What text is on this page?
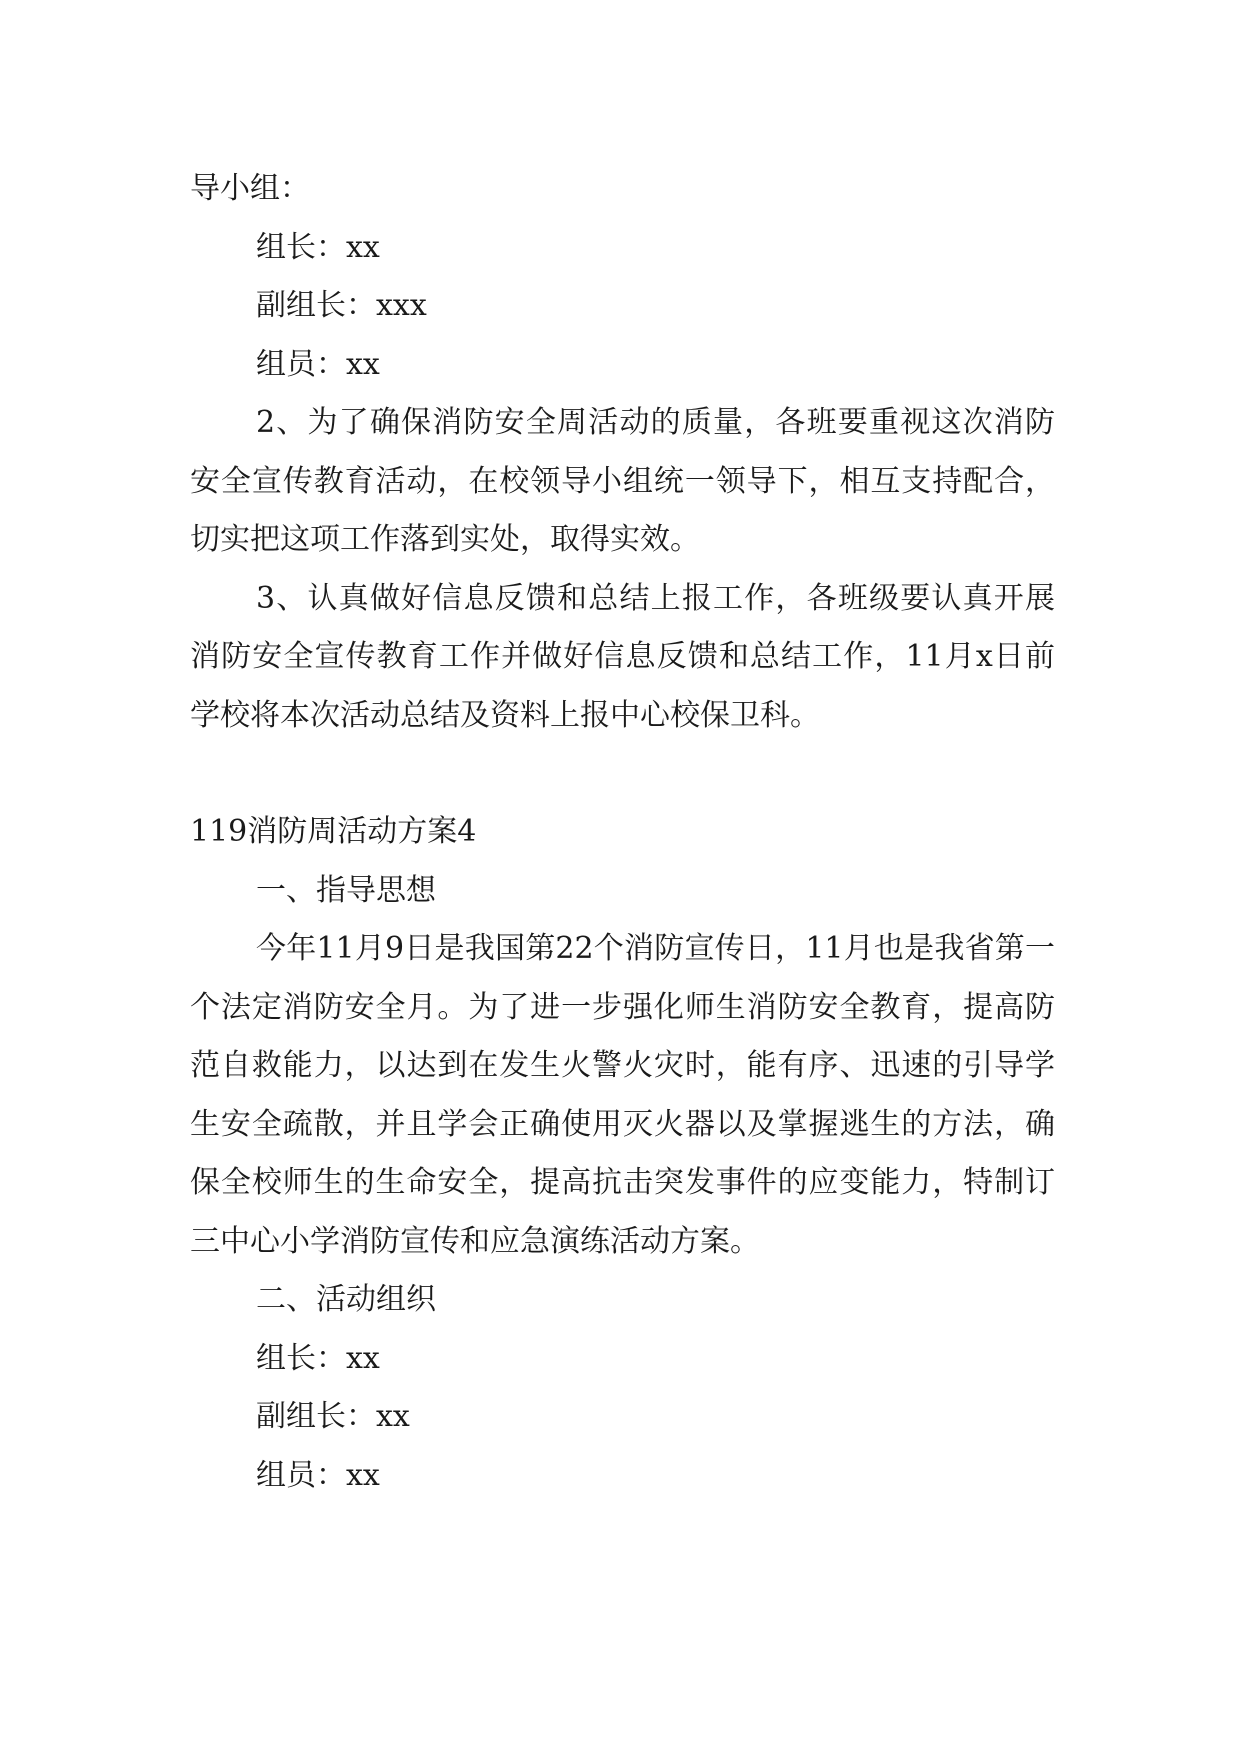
导小组：

组长：xx

副组长：xxx

组员：xx

2、为了确保消防安全周活动的质量，各班要重视这次消防安全宣传教育活动，在校领导小组统一领导下，相互支持配合，切实把这项工作落到实处，取得实效。

3、认真做好信息反馈和总结上报工作，各班级要认真开展消防安全宣传教育工作并做好信息反馈和总结工作，11月x日前学校将本次活动总结及资料上报中心校保卫科。

119消防周活动方案4

一、指导思想

今年11月9日是我国第22个消防宣传日，11月也是我省第一个法定消防安全月。为了进一步强化师生消防安全教育，提高防范自救能力，以达到在发生火警火灾时，能有序、迅速的引导学生安全疏散，并且学会正确使用灭火器以及掌握逃生的方法，确保全校师生的生命安全，提高抗击突发事件的应变能力，特制订三中心小学消防宣传和应急演练活动方案。

二、活动组织

组长：xx

副组长：xx

组员：xx
